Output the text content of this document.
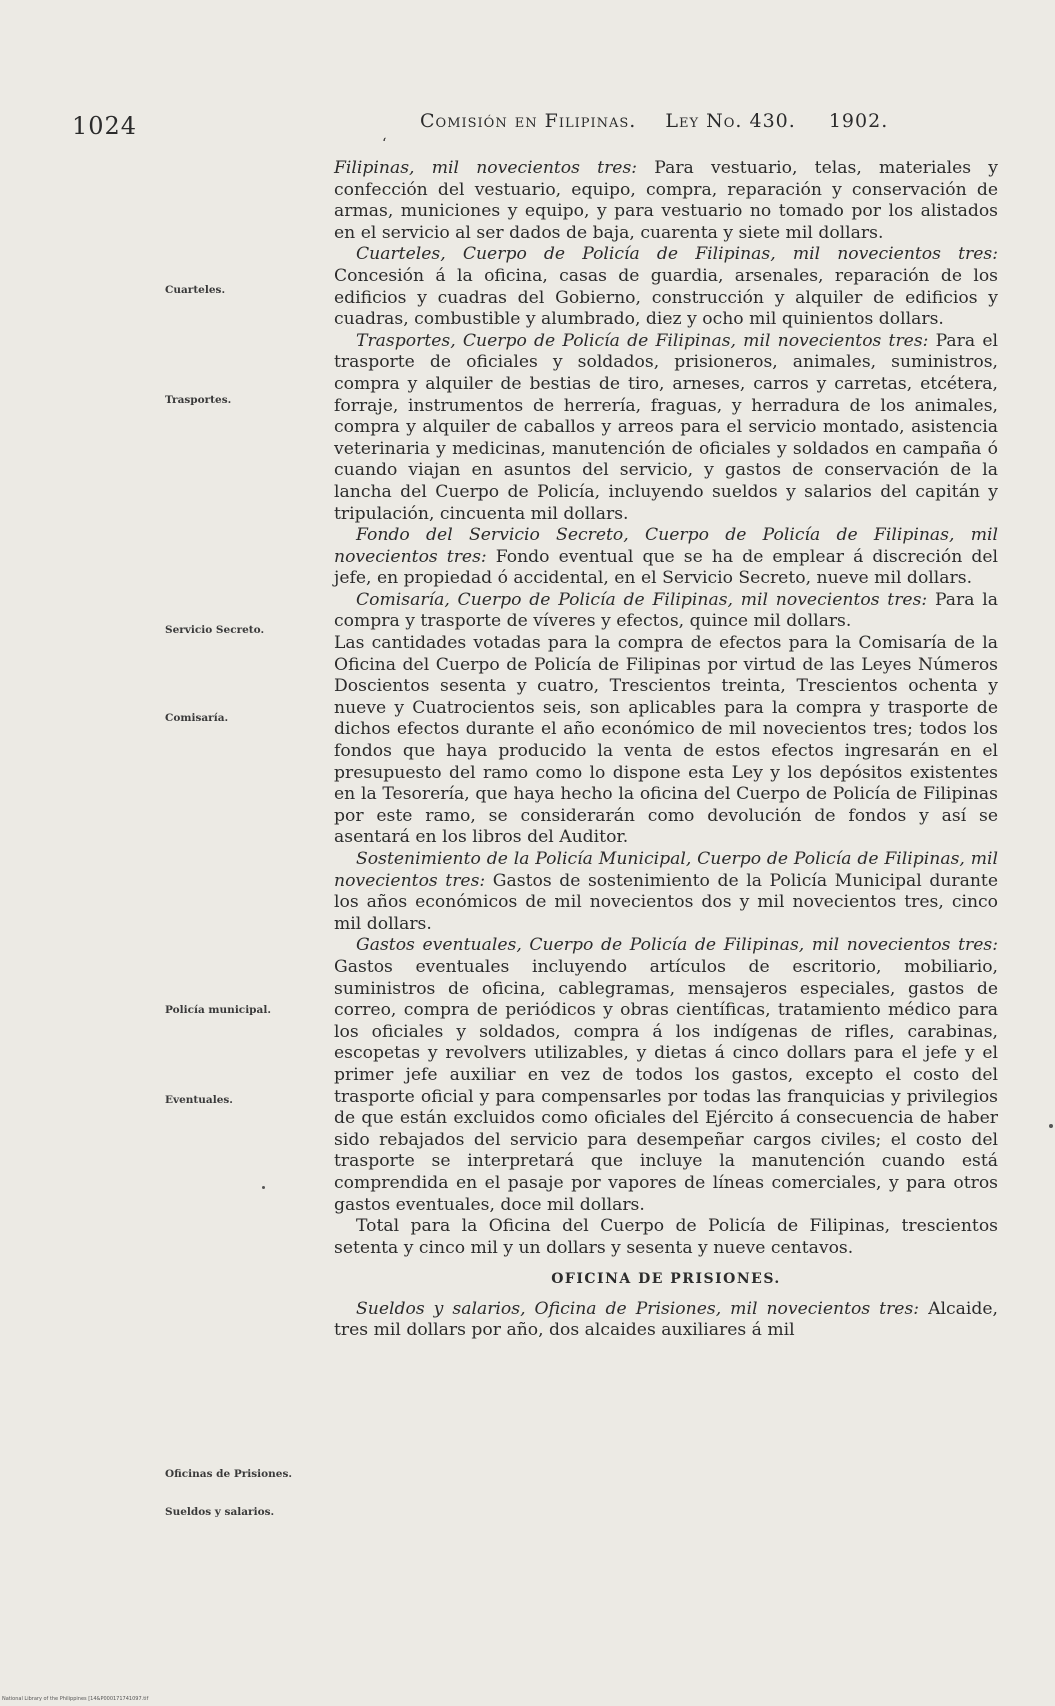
1024	Comisión en Filipinas. Ley No. 430. 1902.
‘
Cuarteles.
Trasportes.
Servicio Secreto.
Comisaría.
Policía municipal.
Eventuales.
Oficinas de Prisiones.
Sueldos y salarios.

Filipinas, mil novecientos tres: Para vestuario, telas, materiales y confección del vestuario, equipo, compra, reparación y conservación de armas, municiones y equipo, y para vestuario no tomado por los alistados en el servicio al ser dados de baja, cuarenta y siete mil dollars.

Cuarteles, Cuerpo de Policía de Filipinas, mil novecientos tres: Concesión á la oficina, casas de guardia, arsenales, reparación de los edificios y cuadras del Gobierno, construcción y alquiler de edificios y cuadras, combustible y alumbrado, diez y ocho mil quinientos dollars.

Trasportes, Cuerpo de Policía de Filipinas, mil novecientos tres: Para el trasporte de oficiales y soldados, prisioneros, animales, suministros, compra y alquiler de bestias de tiro, arneses, carros y carretas, etcétera, forraje, instrumentos de herrería, fraguas, y herradura de los animales, compra y alquiler de caballos y arreos para el servicio montado, asistencia veterinaria y medicinas, manutención de oficiales y soldados en campaña ó cuando viajan en asuntos del servicio, y gastos de conservación de la lancha del Cuerpo de Policía, incluyendo sueldos y salarios del capitán y tripulación, cincuenta mil dollars.

Fondo del Servicio Secreto, Cuerpo de Policía de Filipinas, mil novecientos tres: Fondo eventual que se ha de emplear á discreción del jefe, en propiedad ó accidental, en el Servicio Secreto, nueve mil dollars.

Comisaría, Cuerpo de Policía de Filipinas, mil novecientos tres: Para la compra y trasporte de víveres y efectos, quince mil dollars.

Las cantidades votadas para la compra de efectos para la Comisaría de la Oficina del Cuerpo de Policía de Filipinas por virtud de las Leyes Números Doscientos sesenta y cuatro, Trescientos treinta, Trescientos ochenta y nueve y Cuatrocientos seis, son aplicables para la compra y trasporte de dichos efectos durante el año económico de mil novecientos tres; todos los fondos que haya producido la venta de estos efectos ingresarán en el presupuesto del ramo como lo dispone esta Ley y los depósitos existentes en la Tesorería, que haya hecho la oficina del Cuerpo de Policía de Filipinas por este ramo, se considerarán como devolución de fondos y así se asentará en los libros del Auditor.

Sostenimiento de la Policía Municipal, Cuerpo de Policía de Filipinas, mil novecientos tres: Gastos de sostenimiento de la Policía Municipal durante los años económicos de mil novecientos dos y mil novecientos tres, cinco mil dollars.

Gastos eventuales, Cuerpo de Policía de Filipinas, mil novecientos tres: Gastos eventuales incluyendo artículos de escritorio, mobiliario, suministros de oficina, cablegramas, mensajeros especiales, gastos de correo, compra de periódicos y obras científicas, tratamiento médico para los oficiales y soldados, compra á los indígenas de rifles, carabinas, escopetas y revolvers utilizables, y dietas á cinco dollars para el jefe y el primer jefe auxiliar en vez de todos los gastos, excepto el costo del trasporte oficial y para compensarles por todas las franquicias y privilegios de que están excluidos como oficiales del Ejército á consecuencia de haber sido rebajados del servicio para desempeñar cargos civiles; el costo del trasporte se interpretará que incluye la manutención cuando está comprendida en el pasaje por vapores de líneas comerciales, y para otros gastos eventuales, doce mil dollars.

Total para la Oficina del Cuerpo de Policía de Filipinas, trescientos setenta y cinco mil y un dollars y sesenta y nueve centavos.

OFICINA DE PRISIONES.

Sueldos y salarios, Oficina de Prisiones, mil novecientos tres: Alcaide, tres mil dollars por año, dos alcaides auxiliares á mil

National Library of the Philippines [14&P000171741097.tif
